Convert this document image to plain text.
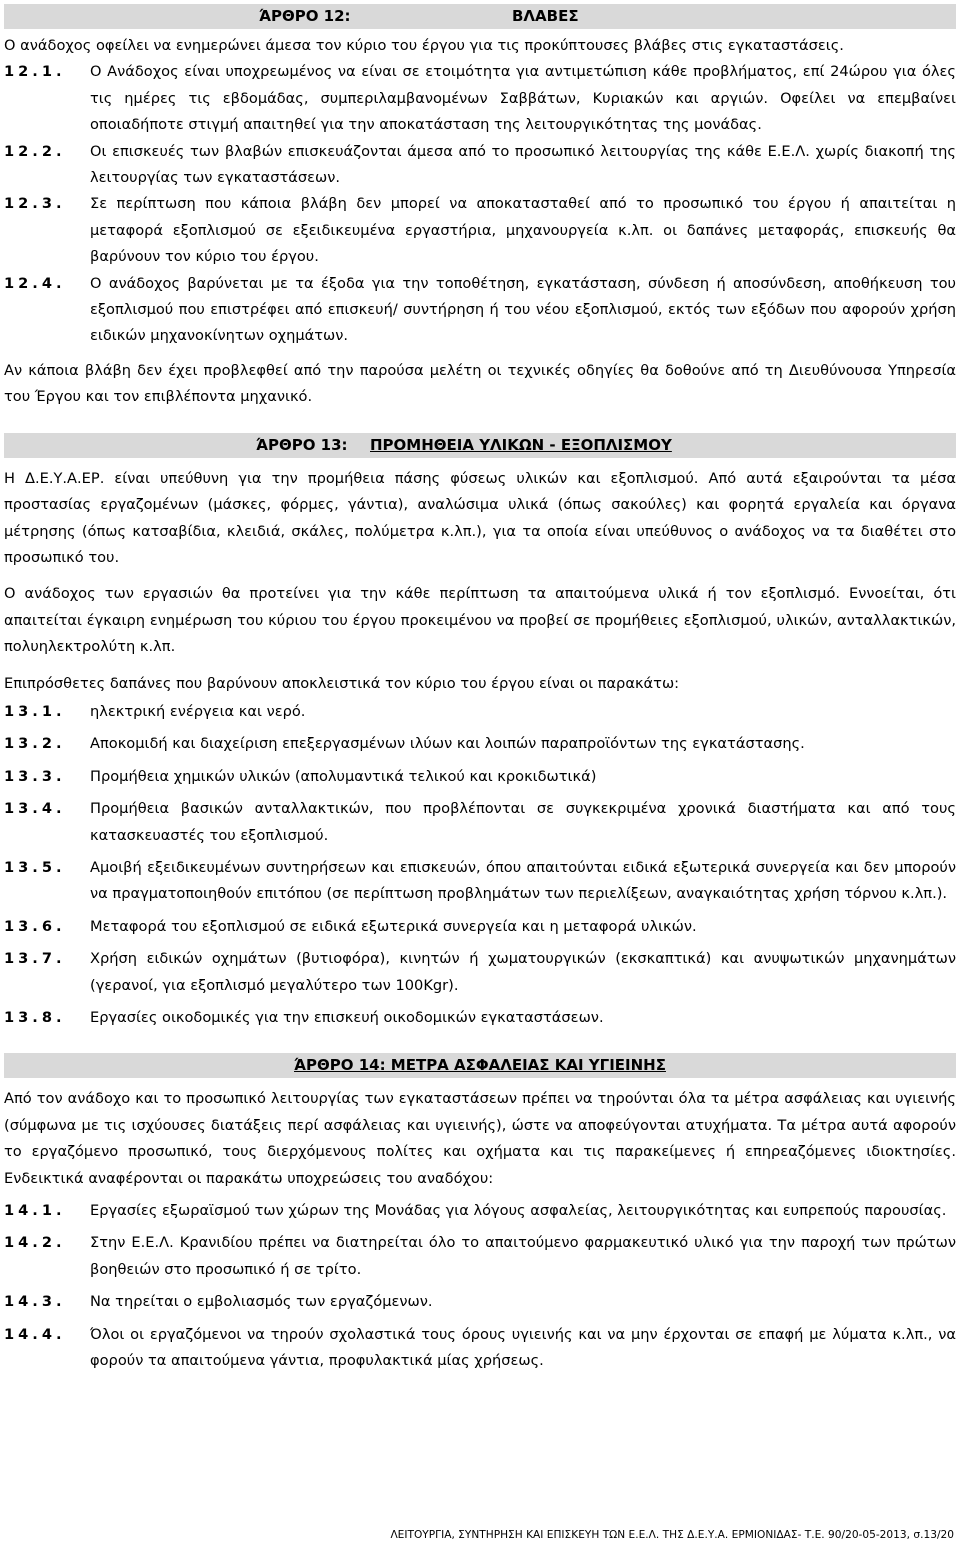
ΆΡΘΡΟ 12:	ΒΛΑΒΕΣ

Ο ανάδοχος οφείλει να ενημερώνει άμεσα τον κύριο του έργου για τις προκύπτουσες βλάβες στις εγκαταστάσεις.

12.1.	Ο Ανάδοχος είναι υποχρεωμένος να είναι σε ετοιμότητα για αντιμετώπιση κάθε προβλήματος, επί 24ώρου για όλες τις ημέρες τις εβδομάδας, συμπεριλαμβανομένων Σαββάτων, Κυριακών και αργιών. Οφείλει να επεμβαίνει οποιαδήποτε στιγμή απαιτηθεί για την αποκατάσταση της λειτουργικότητας της μονάδας.
12.2.	Οι επισκευές των βλαβών επισκευάζονται άμεσα από το προσωπικό λειτουργίας της κάθε Ε.Ε.Λ. χωρίς διακοπή της λειτουργίας των εγκαταστάσεων.
12.3.	Σε περίπτωση που κάποια βλάβη δεν μπορεί να αποκατασταθεί από το προσωπικό του έργου ή απαιτείται η μεταφορά εξοπλισμού σε εξειδικευμένα εργαστήρια, μηχανουργεία κ.λπ. οι δαπάνες μεταφοράς, επισκευής θα βαρύνουν τον κύριο του έργου.
12.4.	Ο ανάδοχος βαρύνεται με τα έξοδα για την τοποθέτηση, εγκατάσταση, σύνδεση ή αποσύνδεση, αποθήκευση του εξοπλισμού που επιστρέφει από επισκευή/ συντήρηση ή του νέου εξοπλισμού, εκτός των εξόδων που αφορούν χρήση ειδικών μηχανοκίνητων οχημάτων.

Αν κάποια βλάβη δεν έχει προβλεφθεί από την παρούσα μελέτη οι τεχνικές οδηγίες θα δοθούνε από τη Διευθύνουσα Υπηρεσία του Έργου και τον επιβλέποντα μηχανικό.

ΆΡΘΡΟ 13: ΠΡΟΜΗΘΕΙΑ ΥΛΙΚΩΝ - ΕΞΟΠΛΙΣΜΟΥ

Η Δ.Ε.Υ.Α.ΕΡ. είναι υπεύθυνη για την προμήθεια πάσης φύσεως υλικών και εξοπλισμού. Από αυτά εξαιρούνται τα μέσα προστασίας εργαζομένων (μάσκες, φόρμες, γάντια), αναλώσιμα υλικά (όπως σακούλες) και φορητά εργαλεία και όργανα μέτρησης (όπως κατσαβίδια, κλειδιά, σκάλες, πολύμετρα κ.λπ.), για τα οποία είναι υπεύθυνος ο ανάδοχος να τα διαθέτει στο προσωπικό του.

Ο ανάδοχος των εργασιών θα προτείνει για την κάθε περίπτωση τα απαιτούμενα υλικά ή τον εξοπλισμό. Εννοείται, ότι απαιτείται έγκαιρη ενημέρωση του κύριου του έργου προκειμένου να προβεί σε προμήθειες εξοπλισμού, υλικών, ανταλλακτικών, πολυηλεκτρολύτη κ.λπ.

Επιπρόσθετες δαπάνες που βαρύνουν αποκλειστικά τον κύριο του έργου είναι οι παρακάτω:

13.1.	ηλεκτρική ενέργεια και νερό.
13.2.	Αποκομιδή και διαχείριση επεξεργασμένων ιλύων και λοιπών παραπροϊόντων της εγκατάστασης.
13.3.	Προμήθεια χημικών υλικών (απολυμαντικά τελικού και κροκιδωτικά)
13.4.	Προμήθεια βασικών ανταλλακτικών, που προβλέπονται σε συγκεκριμένα χρονικά διαστήματα και από τους κατασκευαστές του εξοπλισμού.
13.5.	Αμοιβή εξειδικευμένων συντηρήσεων και επισκευών, όπου απαιτούνται ειδικά εξωτερικά συνεργεία και δεν μπορούν να πραγματοποιηθούν επιτόπου (σε περίπτωση προβλημάτων των περιελίξεων, αναγκαιότητας χρήση τόρνου κ.λπ.).
13.6.	Μεταφορά του εξοπλισμού σε ειδικά εξωτερικά συνεργεία και η μεταφορά υλικών.
13.7.	Χρήση ειδικών οχημάτων (βυτιοφόρα), κινητών ή χωματουργικών (εκσκαπτικά) και ανυψωτικών μηχανημάτων (γερανοί, για εξοπλισμό μεγαλύτερο των 100Kgr).
13.8.	Εργασίες οικοδομικές για την επισκευή οικοδομικών εγκαταστάσεων.
ΆΡΘΡΟ 14: ΜΕΤΡΑ ΑΣΦΑΛΕΙΑΣ ΚΑΙ ΥΓΙΕΙΝΗΣ

Από τον ανάδοχο και το προσωπικό λειτουργίας των εγκαταστάσεων πρέπει να τηρούνται όλα τα μέτρα ασφάλειας και υγιεινής (σύμφωνα με τις ισχύουσες διατάξεις περί ασφάλειας και υγιεινής), ώστε να αποφεύγονται ατυχήματα. Τα μέτρα αυτά αφορούν το εργαζόμενο προσωπικό, τους διερχόμενους πολίτες και οχήματα και τις παρακείμενες ή επηρεαζόμενες ιδιοκτησίες. Ενδεικτικά αναφέρονται οι παρακάτω υποχρεώσεις του αναδόχου:

14.1.	Εργασίες εξωραϊσμού των χώρων της Μονάδας για λόγους ασφαλείας, λειτουργικότητας και ευπρεπούς παρουσίας.
14.2.	Στην Ε.Ε.Λ. Κρανιδίου πρέπει να διατηρείται όλο το απαιτούμενο φαρμακευτικό υλικό για την παροχή των πρώτων βοηθειών στο προσωπικό ή σε τρίτο.
14.3.	Να τηρείται ο εμβολιασμός των εργαζόμενων.
14.4.	Όλοι οι εργαζόμενοι να τηρούν σχολαστικά τους όρους υγιεινής και να μην έρχονται σε επαφή με λύματα κ.λπ., να φορούν τα απαιτούμενα γάντια, προφυλακτικά μίας χρήσεως.
ΛΕΙΤΟΥΡΓΙΑ, ΣΥΝΤΗΡΗΣΗ ΚΑΙ ΕΠΙΣΚΕΥΗ ΤΩΝ Ε.Ε.Λ. ΤΗΣ Δ.Ε.Υ.Α. ΕΡΜΙΟΝΙΔΑΣ- Τ.Ε. 90/20-05-2013, σ.13/20
